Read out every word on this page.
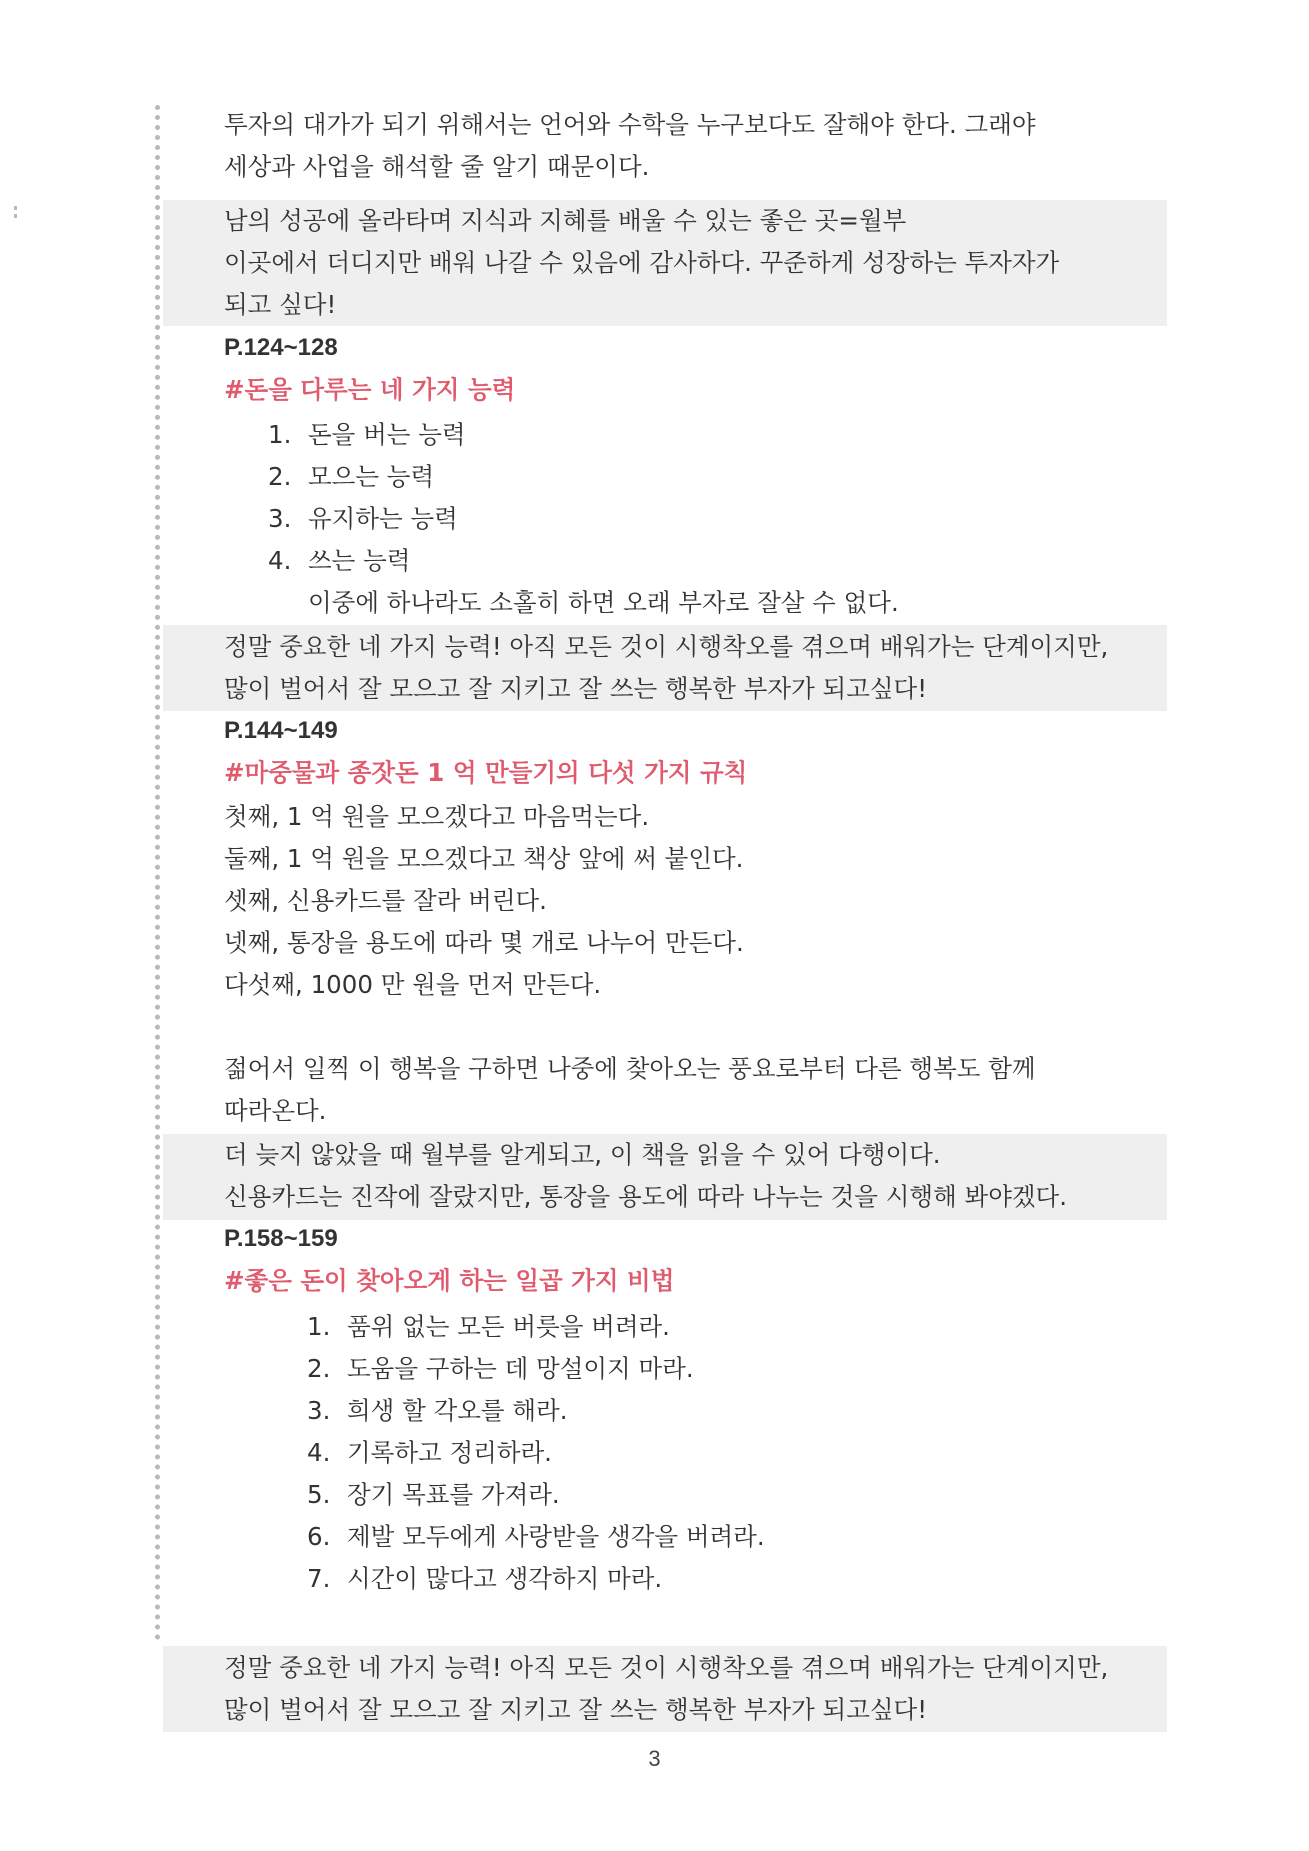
투자의 대가가 되기 위해서는 언어와 수학을 누구보다도 잘해야 한다. 그래야
세상과 사업을 해석할 줄 알기 때문이다.
남의 성공에 올라타며 지식과 지혜를 배울 수 있는 좋은 곳=월부
이곳에서 더디지만 배워 나갈 수 있음에 감사하다. 꾸준하게 성장하는 투자자가
되고 싶다!
P.124~128
#돈을 다루는 네 가지 능력
1. 돈을 버는 능력
2. 모으는 능력
3. 유지하는 능력
4. 쓰는 능력
이중에 하나라도 소홀히 하면 오래 부자로 잘살 수 없다.
정말 중요한 네 가지 능력! 아직 모든 것이 시행착오를 겪으며 배워가는 단계이지만,
많이 벌어서 잘 모으고 잘 지키고 잘 쓰는 행복한 부자가 되고싶다!
P.144~149
#마중물과 종잣돈 1 억 만들기의 다섯 가지 규칙
첫째, 1 억 원을 모으겠다고 마음먹는다.
둘째, 1 억 원을 모으겠다고 책상 앞에 써 붙인다.
셋째, 신용카드를 잘라 버린다.
넷째, 통장을 용도에 따라 몇 개로 나누어 만든다.
다섯째, 1000 만 원을 먼저 만든다.
젊어서 일찍 이 행복을 구하면 나중에 찾아오는 풍요로부터 다른 행복도 함께
따라온다.
더 늦지 않았을 때 월부를 알게되고, 이 책을 읽을 수 있어 다행이다.
신용카드는 진작에 잘랐지만, 통장을 용도에 따라 나누는 것을 시행해 봐야겠다.
P.158~159
#좋은 돈이 찾아오게 하는 일곱 가지 비법
1. 품위 없는 모든 버릇을 버려라.
2. 도움을 구하는 데 망설이지 마라.
3. 희생 할 각오를 해라.
4. 기록하고 정리하라.
5. 장기 목표를 가져라.
6. 제발 모두에게 사랑받을 생각을 버려라.
7. 시간이 많다고 생각하지 마라.
정말 중요한 네 가지 능력! 아직 모든 것이 시행착오를 겪으며 배워가는 단계이지만,
많이 벌어서 잘 모으고 잘 지키고 잘 쓰는 행복한 부자가 되고싶다!
3
